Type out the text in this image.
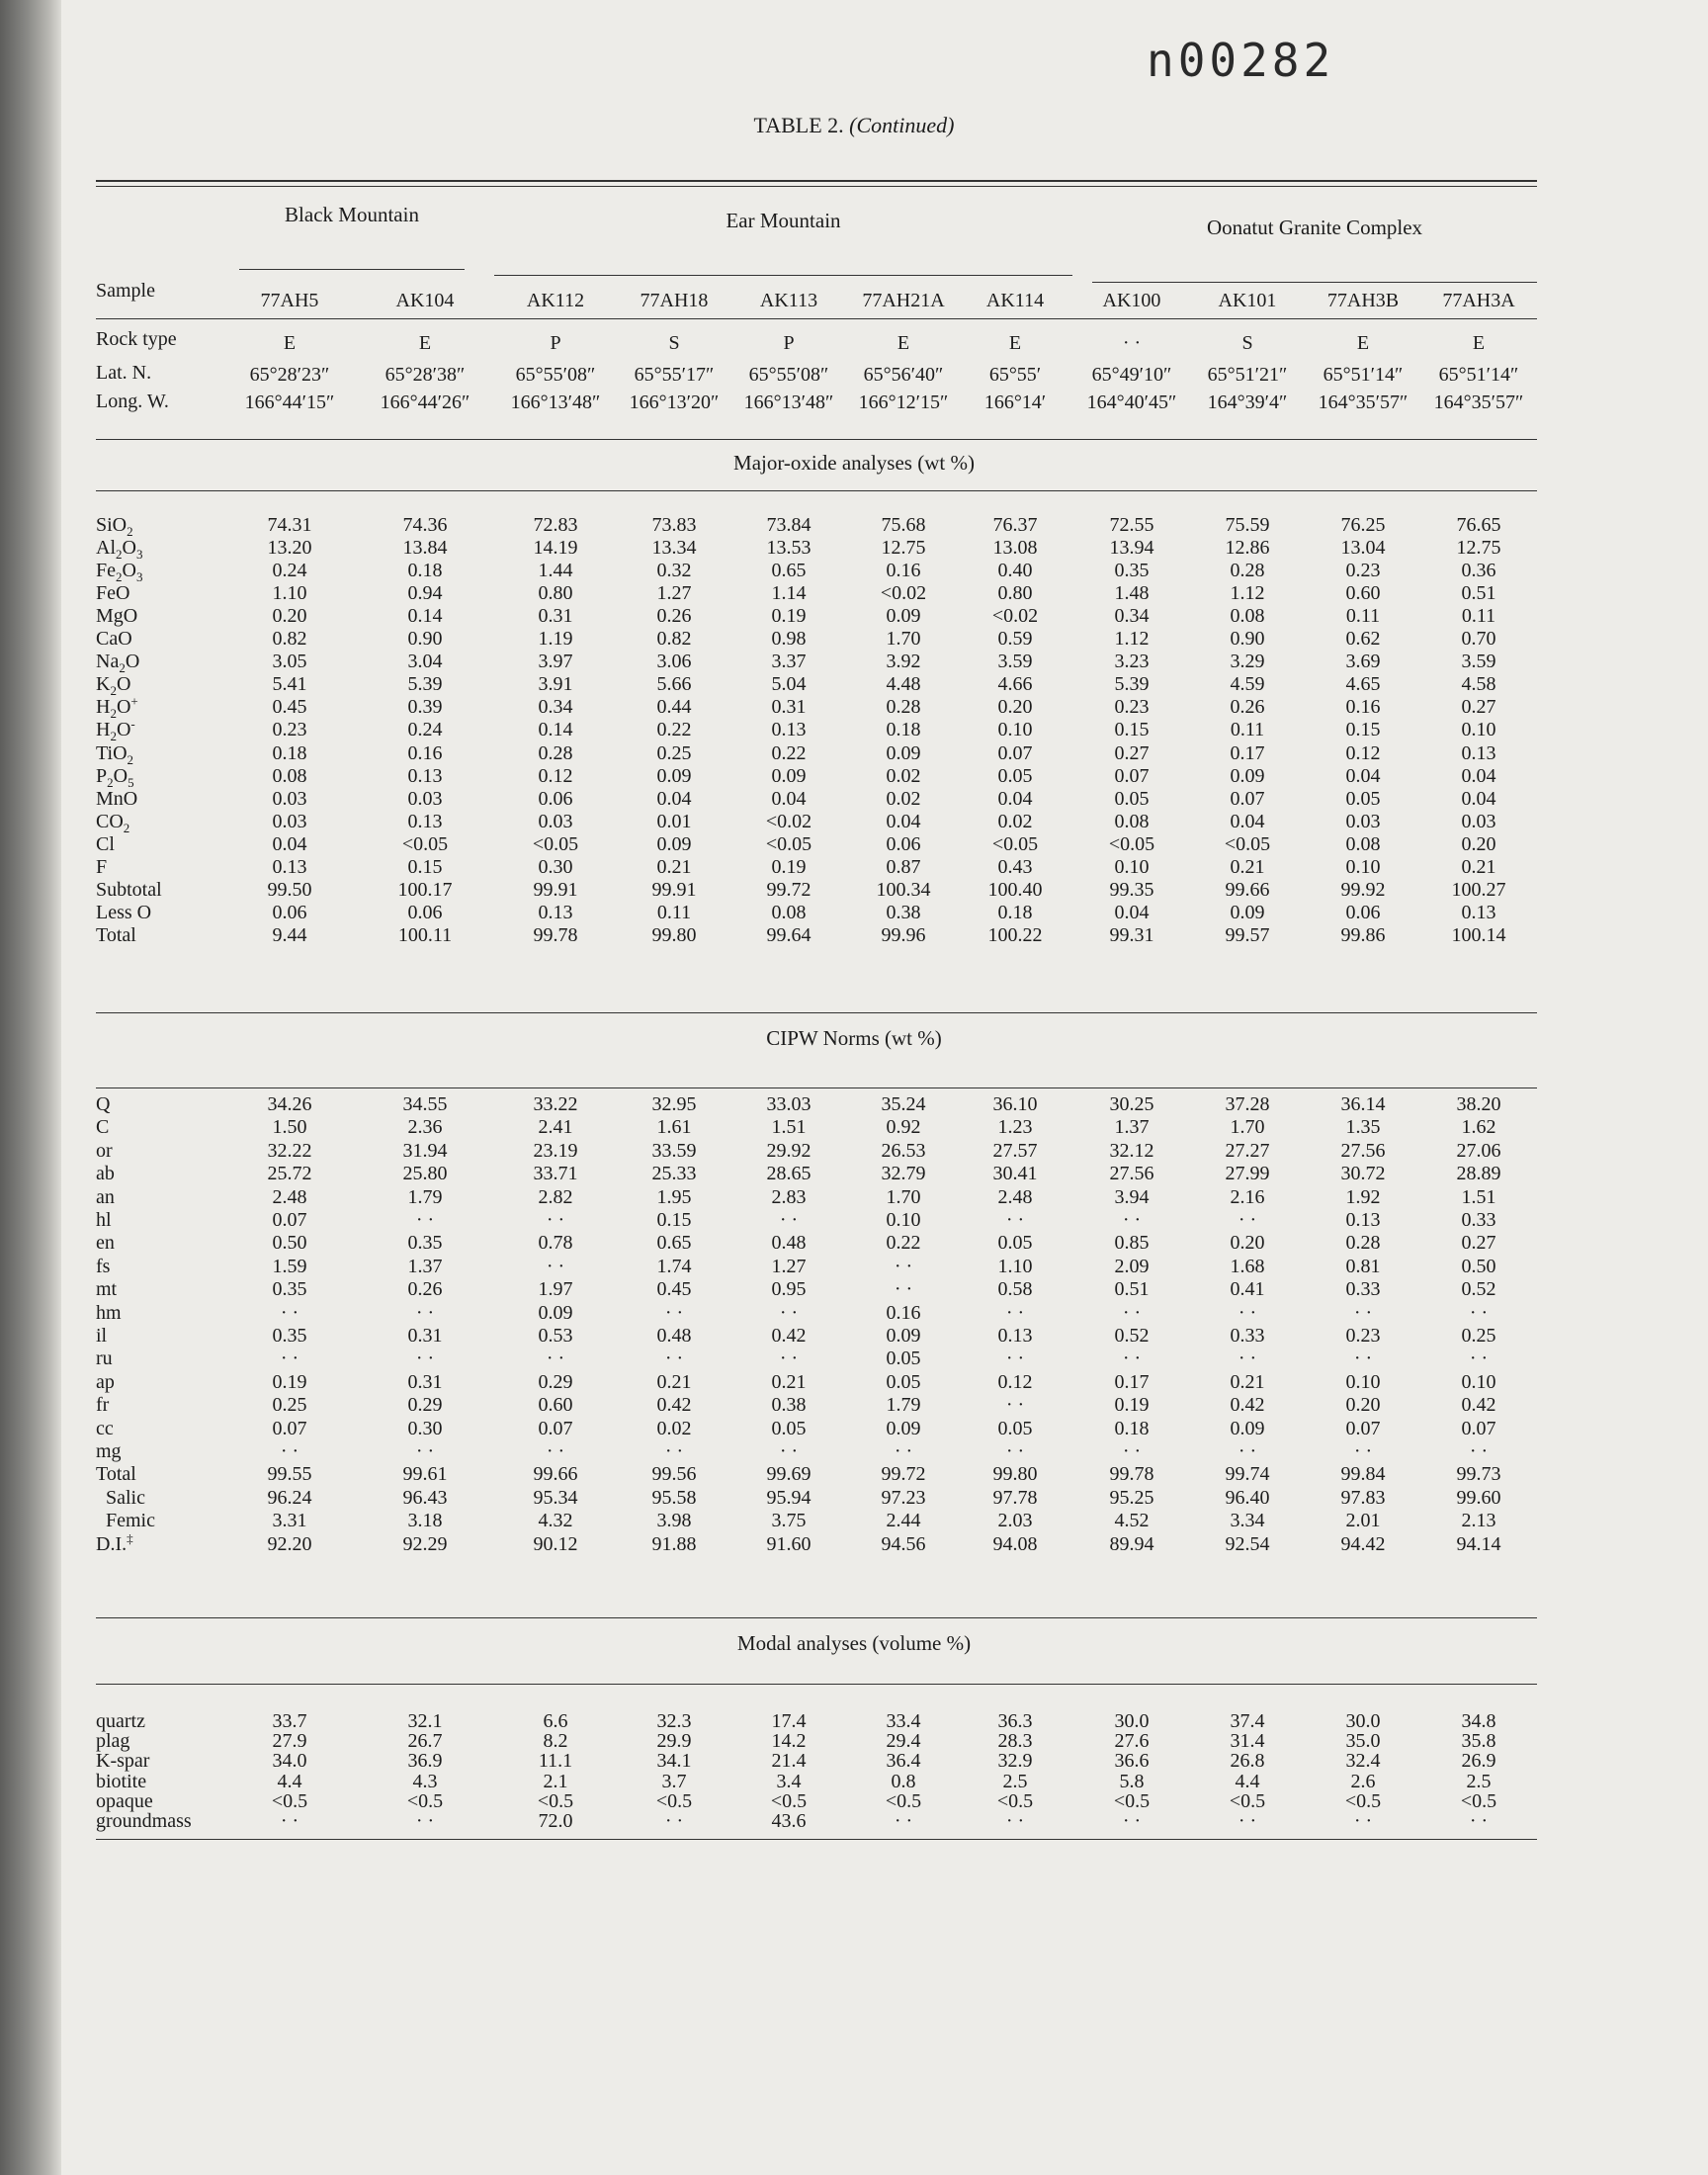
n00282
TABLE 2. (Continued)
Black Mountain	Ear Mountain	Oonatut Granite Complex
Sample	77AH5	AK104	AK112	77AH18	AK113	77AH21A	AK114	AK100	AK101	77AH3B	77AH3A
Rock type	E	E	P	S	P	E	E	· ·	S	E	E
Lat. N.	65°28′23″	65°28′38″	65°55′08″	65°55′17″	65°55′08″	65°56′40″	65°55′	65°49′10″	65°51′21″	65°51′14″	65°51′14″
Long. W.	166°44′15″	166°44′26″	166°13′48″	166°13′20″	166°13′48″	166°12′15″	166°14′	164°40′45″	164°39′4″	164°35′57″	164°35′57″
Major-oxide analyses (wt %)
SiO$_2$	74.31	74.36	72.83	73.83	73.84	75.68	76.37	72.55	75.59	76.25	76.65
$Al_2O_3$	13.20	13.84	14.19	13.34	13.53	12.75	13.08	13.94	12.86	13.04	12.75
$Fe_2O_3$	0.24	0.18	1.44	0.32	0.65	0.16	0.40	0.35	0.28	0.23	0.36
FeO	1.10	0.94	0.80	1.27	1.14	<0.02	0.80	1.48	1.12	0.60	0.51
MgO	0.20	0.14	0.31	0.26	0.19	0.09	<0.02	0.34	0.08	0.11	0.11
CaO	0.82	0.90	1.19	0.82	0.98	1.70	0.59	1.12	0.90	0.62	0.70
$Na_2O$	3.05	3.04	3.97	3.06	3.37	3.92	3.59	3.23	3.29	3.69	3.59
$K_2O$	5.41	5.39	3.91	5.66	5.04	4.48	4.66	5.39	4.59	4.65	4.58
$H_2O^+$	0.45	0.39	0.34	0.44	0.31	0.28	0.20	0.23	0.26	0.16	0.27
$H_2O^-$	0.23	0.24	0.14	0.22	0.13	0.18	0.10	0.15	0.11	0.15	0.10
TiO$_2$	0.18	0.16	0.28	0.25	0.22	0.09	0.07	0.27	0.17	0.12	0.13
$P_2O_5$	0.08	0.13	0.12	0.09	0.09	0.02	0.05	0.07	0.09	0.04	0.04
MnO	0.03	0.03	0.06	0.04	0.04	0.02	0.04	0.05	0.07	0.05	0.04
$CO_2$	0.03	0.13	0.03	0.01	<0.02	0.04	0.02	0.08	0.04	0.03	0.03
Cl	0.04	<0.05	<0.05	0.09	<0.05	0.06	<0.05	<0.05	<0.05	0.08	0.20
F	0.13	0.15	0.30	0.21	0.19	0.87	0.43	0.10	0.21	0.10	0.21
Subtotal	99.50	100.17	99.91	99.91	99.72	100.34	100.40	99.35	99.66	99.92	100.27
Less O	0.06	0.06	0.13	0.11	0.08	0.38	0.18	0.04	0.09	0.06	0.13
Total	9.44	100.11	99.78	99.80	99.64	99.96	100.22	99.31	99.57	99.86	100.14
CIPW Norms (wt %)
Q	34.26	34.55	33.22	32.95	33.03	35.24	36.10	30.25	37.28	36.14	38.20
C	1.50	2.36	2.41	1.61	1.51	0.92	1.23	1.37	1.70	1.35	1.62
or	32.22	31.94	23.19	33.59	29.92	26.53	27.57	32.12	27.27	27.56	27.06
ab	25.72	25.80	33.71	25.33	28.65	32.79	30.41	27.56	27.99	30.72	28.89
an	2.48	1.79	2.82	1.95	2.83	1.70	2.48	3.94	2.16	1.92	1.51
hl	0.07	· ·	· ·	0.15	· ·	0.10	· ·	· ·	· ·	0.13	0.33
en	0.50	0.35	0.78	0.65	0.48	0.22	0.05	0.85	0.20	0.28	0.27
fs	1.59	1.37	· ·	1.74	1.27	· ·	1.10	2.09	1.68	0.81	0.50
mt	0.35	0.26	1.97	0.45	0.95	· ·	0.58	0.51	0.41	0.33	0.52
hm	· ·	· ·	0.09	· ·	· ·	0.16	· ·	· ·	· ·	· ·	· ·
il	0.35	0.31	0.53	0.48	0.42	0.09	0.13	0.52	0.33	0.23	0.25
ru	· ·	· ·	· ·	· ·	· ·	0.05	· ·	· ·	· ·	· ·	· ·
ap	0.19	0.31	0.29	0.21	0.21	0.05	0.12	0.17	0.21	0.10	0.10
fr	0.25	0.29	0.60	0.42	0.38	1.79	· ·	0.19	0.42	0.20	0.42
cc	0.07	0.30	0.07	0.02	0.05	0.09	0.05	0.18	0.09	0.07	0.07
mg	· ·	· ·	· ·	· ·	· ·	· ·	· ·	· ·	· ·	· ·	· ·
Total	99.55	99.61	99.66	99.56	99.69	99.72	99.80	99.78	99.74	99.84	99.73
Salic	96.24	96.43	95.34	95.58	95.94	97.23	97.78	95.25	96.40	97.83	99.60
Femic	3.31	3.18	4.32	3.98	3.75	2.44	2.03	4.52	3.34	2.01	2.13
D.I.‡	92.20	92.29	90.12	91.88	91.60	94.56	94.08	89.94	92.54	94.42	94.14
Modal analyses (volume %)
quartz	33.7	32.1	6.6	32.3	17.4	33.4	36.3	30.0	37.4	30.0	34.8
plag	27.9	26.7	8.2	29.9	14.2	29.4	28.3	27.6	31.4	35.0	35.8
K-spar	34.0	36.9	11.1	34.1	21.4	36.4	32.9	36.6	26.8	32.4	26.9
biotite	4.4	4.3	2.1	3.7	3.4	0.8	2.5	5.8	4.4	2.6	2.5
opaque	<0.5	<0.5	<0.5	<0.5	<0.5	<0.5	<0.5	<0.5	<0.5	<0.5	<0.5
groundmass	· ·	· ·	72.0	· ·	43.6	· ·	· ·	· ·	· ·	· ·	· ·
